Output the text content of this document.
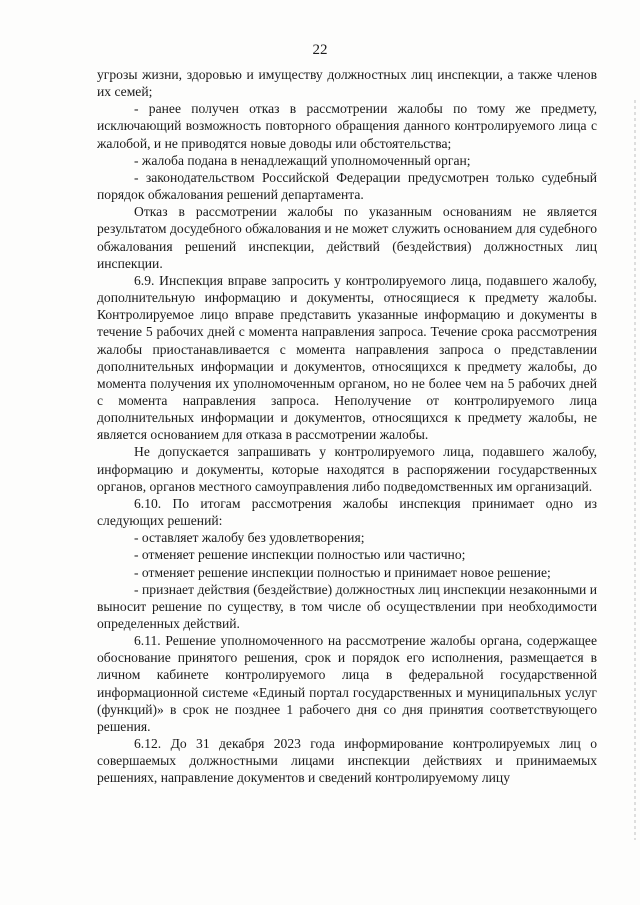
22

угрозы жизни, здоровью и имуществу должностных лиц инспекции, а также членов их семей;

- ранее получен отказ в рассмотрении жалобы по тому же предмету, исключающий возможность повторного обращения данного контролируемого лица с жалобой, и не приводятся новые доводы или обстоятельства;

- жалоба подана в ненадлежащий уполномоченный орган;

- законодательством Российской Федерации предусмотрен только судебный порядок обжалования решений департамента.

Отказ в рассмотрении жалобы по указанным основаниям не является результатом досудебного обжалования и не может служить основанием для судебного обжалования решений инспекции, действий (бездействия) должностных лиц инспекции.

6.9. Инспекция вправе запросить у контролируемого лица, подавшего жалобу, дополнительную информацию и документы, относящиеся к предмету жалобы. Контролируемое лицо вправе представить указанные информацию и документы в течение 5 рабочих дней с момента направления запроса. Течение срока рассмотрения жалобы приостанавливается с момента направления запроса о представлении дополнительных информации и документов, относящихся к предмету жалобы, до момента получения их уполномоченным органом, но не более чем на 5 рабочих дней с момента направления запроса. Неполучение от контролируемого лица дополнительных информации и документов, относящихся к предмету жалобы, не является основанием для отказа в рассмотрении жалобы.

Не допускается запрашивать у контролируемого лица, подавшего жалобу, информацию и документы, которые находятся в распоряжении государственных органов, органов местного самоуправления либо подведомственных им организаций.

6.10. По итогам рассмотрения жалобы инспекция принимает одно из следующих решений:

- оставляет жалобу без удовлетворения;

- отменяет решение инспекции полностью или частично;

- отменяет решение инспекции полностью и принимает новое решение;

- признает действия (бездействие) должностных лиц инспекции незаконными и выносит решение по существу, в том числе об осуществлении при необходимости определенных действий.

6.11. Решение уполномоченного на рассмотрение жалобы органа, содержащее обоснование принятого решения, срок и порядок его исполнения, размещается в личном кабинете контролируемого лица в федеральной государственной информационной системе «Единый портал государственных и муниципальных услуг (функций)» в срок не позднее 1 рабочего дня со дня принятия соответствующего решения.

6.12. До 31 декабря 2023 года информирование контролируемых лиц о совершаемых должностными лицами инспекции действиях и принимаемых решениях, направление документов и сведений контролируемому лицу
